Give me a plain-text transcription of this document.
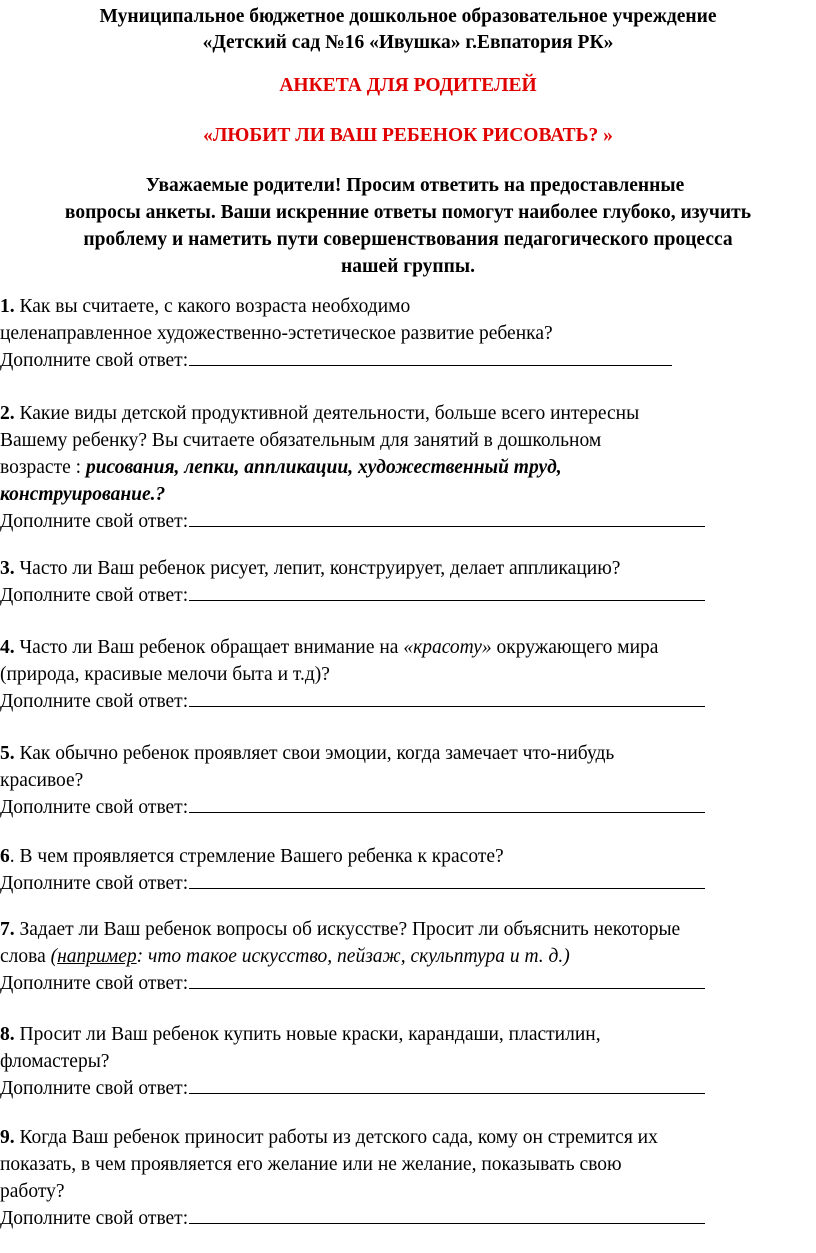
Муниципальное бюджетное дошкольное образовательное учреждение
«Детский сад №16 «Ивушка» г.Евпатория РК»
АНКЕТА ДЛЯ РОДИТЕЛЕЙ
«ЛЮБИТ ЛИ ВАШ РЕБЕНОК РИСОВАТЬ? »
Уважаемые родители! Просим ответить на предоставленные
вопросы анкеты. Ваши искренние ответы помогут наиболее глубоко, изучить
проблему и наметить пути совершенствования педагогического процесса
нашей группы.
1. Как вы считаете, с какого возраста необходимо
целенаправленное художественно-эстетическое развитие ребенка?
Дополните свой ответ:
2. Какие виды детской продуктивной деятельности, больше всего интересны
Вашему ребенку? Вы считаете обязательным для занятий в дошкольном
возрасте : рисования, лепки, аппликации, художественный труд,
конструирование.?
Дополните свой ответ:
3. Часто ли Ваш ребенок рисует, лепит, конструирует, делает аппликацию?
Дополните свой ответ:
4. Часто ли Ваш ребенок обращает внимание на «красоту» окружающего мира
(природа, красивые мелочи быта и т.д)?
Дополните свой ответ:
5. Как обычно ребенок проявляет свои эмоции, когда замечает что-нибудь
красивое?
Дополните свой ответ:
6. В чем проявляется стремление Вашего ребенка к красоте?
Дополните свой ответ:
7. Задает ли Ваш ребенок вопросы об искусстве? Просит ли объяснить некоторые
слова (например: что такое искусство, пейзаж, скульптура и т. д.)
Дополните свой ответ:
8. Просит ли Ваш ребенок купить новые краски, карандаши, пластилин,
фломастеры?
Дополните свой ответ:
9. Когда Ваш ребенок приносит работы из детского сада, кому он стремится их
показать, в чем проявляется его желание или не желание, показывать свою
работу?
Дополните свой ответ:
